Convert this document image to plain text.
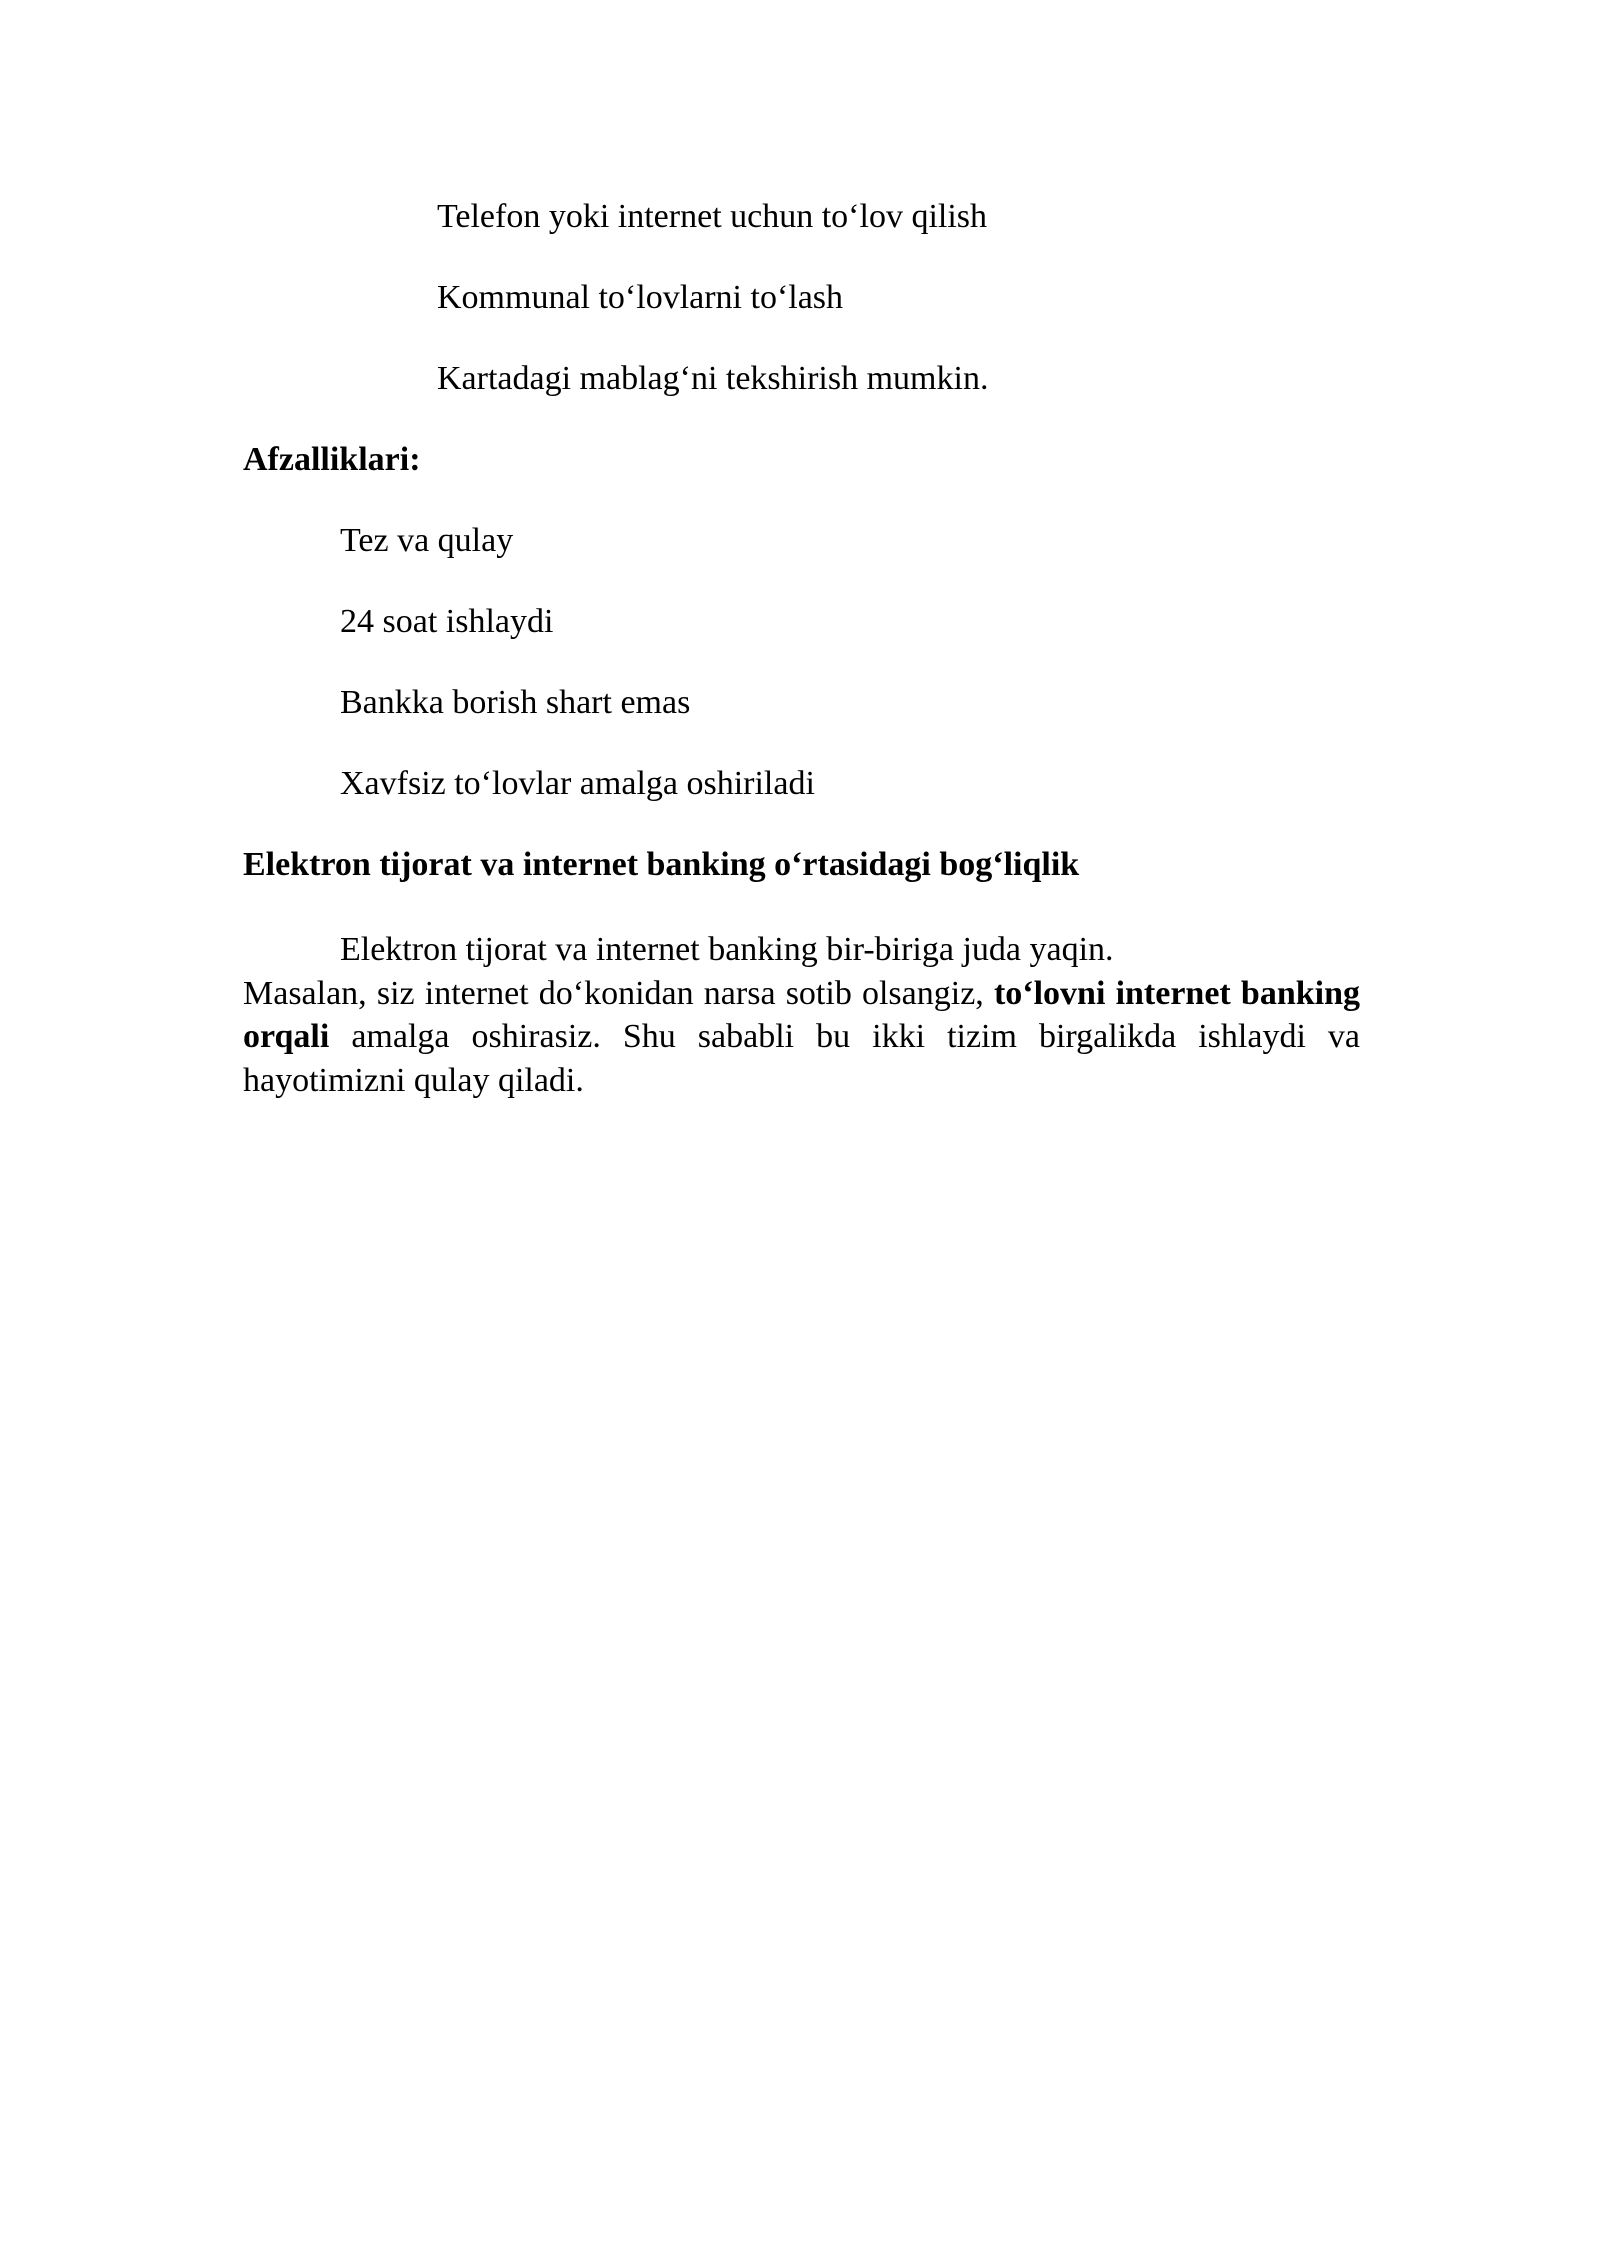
Telefon yoki internet uchun to‘lov qilish
Kommunal to‘lovlarni to‘lash
Kartadagi mablag‘ni tekshirish mumkin.
Afzalliklari:
Tez va qulay
24 soat ishlaydi
Bankka borish shart emas
Xavfsiz to‘lovlar amalga oshiriladi
Elektron tijorat va internet banking o‘rtasidagi bog‘liqlik
Elektron tijorat va internet banking bir-biriga juda yaqin.
Masalan, siz internet do‘konidan narsa sotib olsangiz, to‘lovni internet banking orqali amalga oshirasiz. Shu sababli bu ikki tizim birgalikda ishlaydi va hayotimizni qulay qiladi.
